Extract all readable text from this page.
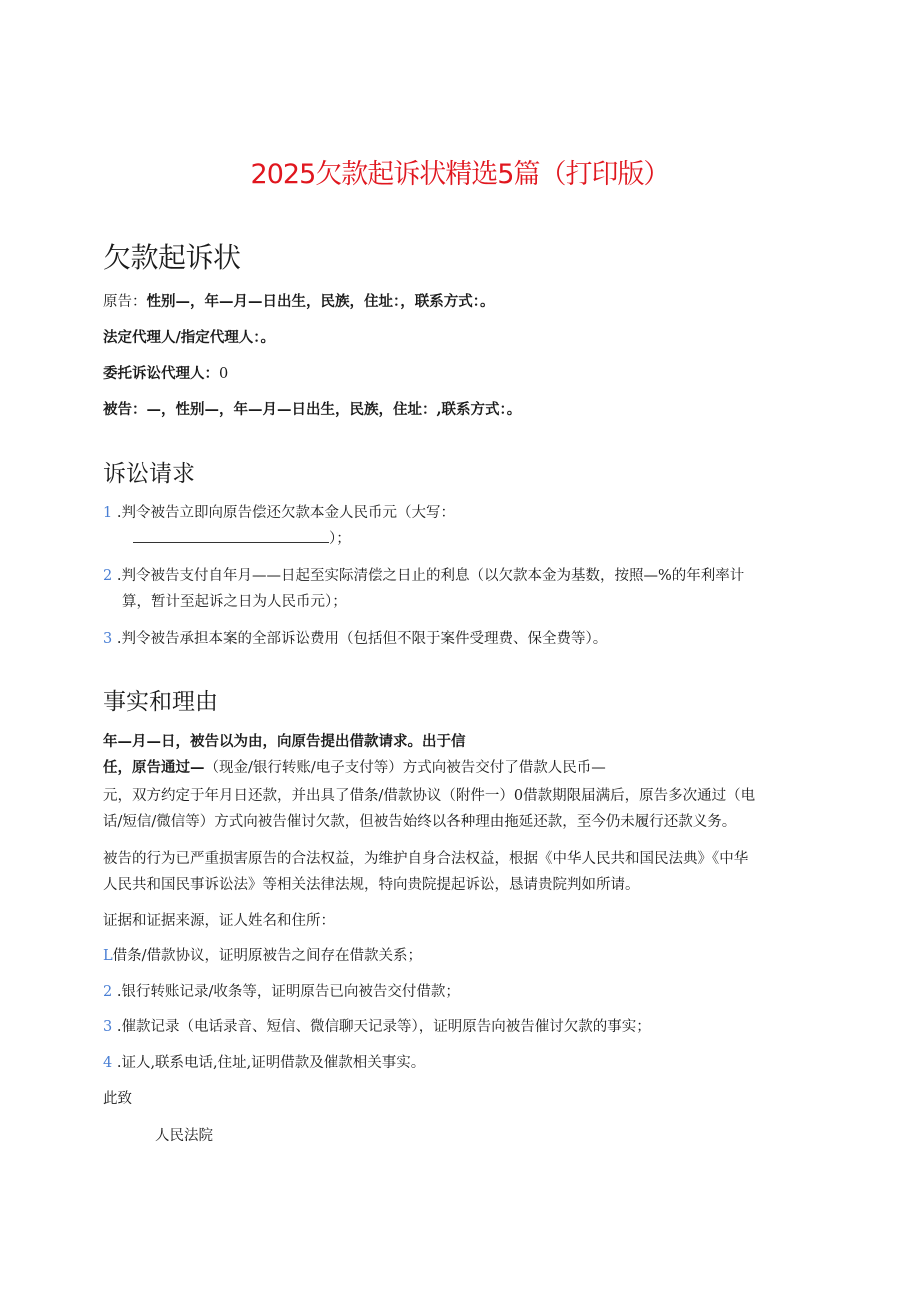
2025欠款起诉状精选5篇（打印版）
欠款起诉状

原告：性别—，年—月—日出生，民族，住址：，联系方式：。

法定代理人/指定代理人：。

委托诉讼代理人：0

被告：—，性别—，年—月—日出生，民族，住址：,联系方式：。

诉讼请求

1 .判令被告立即向原告偿还欠款本金人民币元（大写：

）；

2 .判令被告支付自年月——日起至实际清偿之日止的利息（以欠款本金为基数，按照—%的年利率计

算，暂计至起诉之日为人民币元）；

3 .判令被告承担本案的全部诉讼费用（包括但不限于案件受理费、保全费等）。

事实和理由

年—月—日，被告以为由，向原告提出借款请求。出于信

任，原告通过—（现金/银行转账/电子支付等）方式向被告交付了借款人民币—

元，双方约定于年月日还款，并出具了借条/借款协议（附件一）0借款期限届满后，原告多次通过（电

话/短信/微信等）方式向被告催讨欠款，但被告始终以各种理由拖延还款，至今仍未履行还款义务。

被告的行为已严重损害原告的合法权益，为维护自身合法权益，根据《中华人民共和国民法典》《中华

人民共和国民事诉讼法》等相关法律法规，特向贵院提起诉讼，恳请贵院判如所请。

证据和证据来源，证人姓名和住所：

L借条/借款协议，证明原被告之间存在借款关系；

2 .银行转账记录/收条等，证明原告已向被告交付借款；

3 .催款记录（电话录音、短信、微信聊天记录等），证明原告向被告催讨欠款的事实；

4 .证人,联系电话,住址,证明借款及催款相关事实。

此致

人民法院
